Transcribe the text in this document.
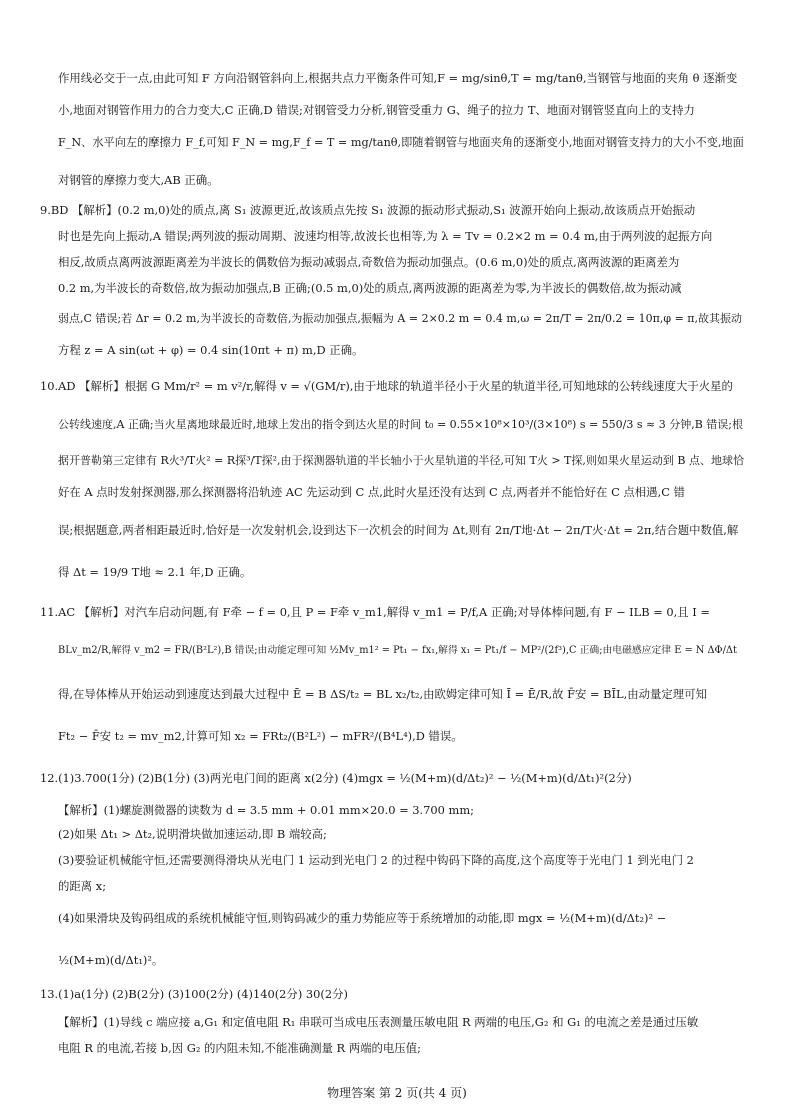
作用线必交于一点,由此可知 F 方向沿钢管斜向上,根据共点力平衡条件可知,F = mg/sinθ,T = mg/tanθ,当钢管与地面的夹角 θ 逐渐变
小,地面对钢管作用力的合力变大,C 正确,D 错误;对钢管受力分析,钢管受重力 G、绳子的拉力 T、地面对钢管竖直向上的支持力
F_N、水平向左的摩擦力 F_f,可知 F_N = mg,F_f = T = mg/tanθ,即随着钢管与地面夹角的逐渐变小,地面对钢管支持力的大小不变,地面
对钢管的摩擦力变大,AB 正确。
9.BD 【解析】(0.2 m,0)处的质点,离 S₁ 波源更近,故该质点先按 S₁ 波源的振动形式振动,S₁ 波源开始向上振动,故该质点开始振动
时也是先向上振动,A 错误;两列波的振动周期、波速均相等,故波长也相等,为 λ = Tv = 0.2×2 m = 0.4 m,由于两列波的起振方向
相反,故质点离两波源距离差为半波长的偶数倍为振动减弱点,奇数倍为振动加强点。(0.6 m,0)处的质点,离两波源的距离差为
0.2 m,为半波长的奇数倍,故为振动加强点,B 正确;(0.5 m,0)处的质点,离两波源的距离差为零,为半波长的偶数倍,故为振动减
弱点,C 错误;若 Δr = 0.2 m,为半波长的奇数倍,为振动加强点,振幅为 A = 2×0.2 m = 0.4 m,ω = 2π/T = 2π/0.2 = 10π,φ = π,故其振动
方程 z = A sin(ωt + φ) = 0.4 sin(10πt + π) m,D 正确。
10.AD 【解析】根据 G Mm/r² = m v²/r,解得 v = √(GM/r),由于地球的轨道半径小于火星的轨道半径,可知地球的公转线速度大于火星的
公转线速度,A 正确;当火星离地球最近时,地球上发出的指令到达火星的时间 t₀ = 0.55×10⁸×10³/(3×10⁸) s = 550/3 s ≈ 3 分钟,B 错误;根
据开普勒第三定律有 R火³/T火² = R探³/T探²,由于探测器轨道的半长轴小于火星轨道的半径,可知 T火 > T探,则如果火星运动到 B 点、地球恰
好在 A 点时发射探测器,那么探测器将沿轨迹 AC 先运动到 C 点,此时火星还没有达到 C 点,两者并不能恰好在 C 点相遇,C 错
误;根据题意,两者相距最近时,恰好是一次发射机会,设到达下一次机会的时间为 Δt,则有 2π/T地·Δt − 2π/T火·Δt = 2π,结合题中数值,解
得 Δt = 19/9 T地 ≈ 2.1 年,D 正确。
11.AC 【解析】对汽车启动问题,有 F牵 − f = 0,且 P = F牵 v_m1,解得 v_m1 = P/f,A 正确;对导体棒问题,有 F − ILB = 0,且 I =
BLv_m2/R,解得 v_m2 = FR/(B²L²),B 错误;由动能定理可知 ½Mv_m1² = Pt₁ − fx₁,解得 x₁ = Pt₁/f − MP²/(2f³),C 正确;由电磁感应定律 E = N ΔΦ/Δt
得,在导体棒从开始运动到速度达到最大过程中 Ē = B ΔS/t₂ = BL x₂/t₂,由欧姆定律可知 Ī = Ē/R,故 F̄安 = BĪL,由动量定理可知
Ft₂ − F̄安 t₂ = mv_m2,计算可知 x₂ = FRt₂/(B²L²) − mFR²/(B⁴L⁴),D 错误。
12.(1)3.700(1分) (2)B(1分) (3)两光电门间的距离 x(2分) (4)mgx = ½(M+m)(d/Δt₂)² − ½(M+m)(d/Δt₁)²(2分)
【解析】(1)螺旋测微器的读数为 d = 3.5 mm + 0.01 mm×20.0 = 3.700 mm;
(2)如果 Δt₁ > Δt₂,说明滑块做加速运动,即 B 端较高;
(3)要验证机械能守恒,还需要测得滑块从光电门 1 运动到光电门 2 的过程中钩码下降的高度,这个高度等于光电门 1 到光电门 2
的距离 x;
(4)如果滑块及钩码组成的系统机械能守恒,则钩码减少的重力势能应等于系统增加的动能,即 mgx = ½(M+m)(d/Δt₂)² −
½(M+m)(d/Δt₁)²。
13.(1)a(1分) (2)B(2分) (3)100(2分) (4)140(2分) 30(2分)
【解析】(1)导线 c 端应接 a,G₁ 和定值电阻 R₁ 串联可当成电压表测量压敏电阻 R 两端的电压,G₂ 和 G₁ 的电流之差是通过压敏
电阻 R 的电流,若接 b,因 G₂ 的内阻未知,不能准确测量 R 两端的电压值;
物理答案 第 2 页(共 4 页)
